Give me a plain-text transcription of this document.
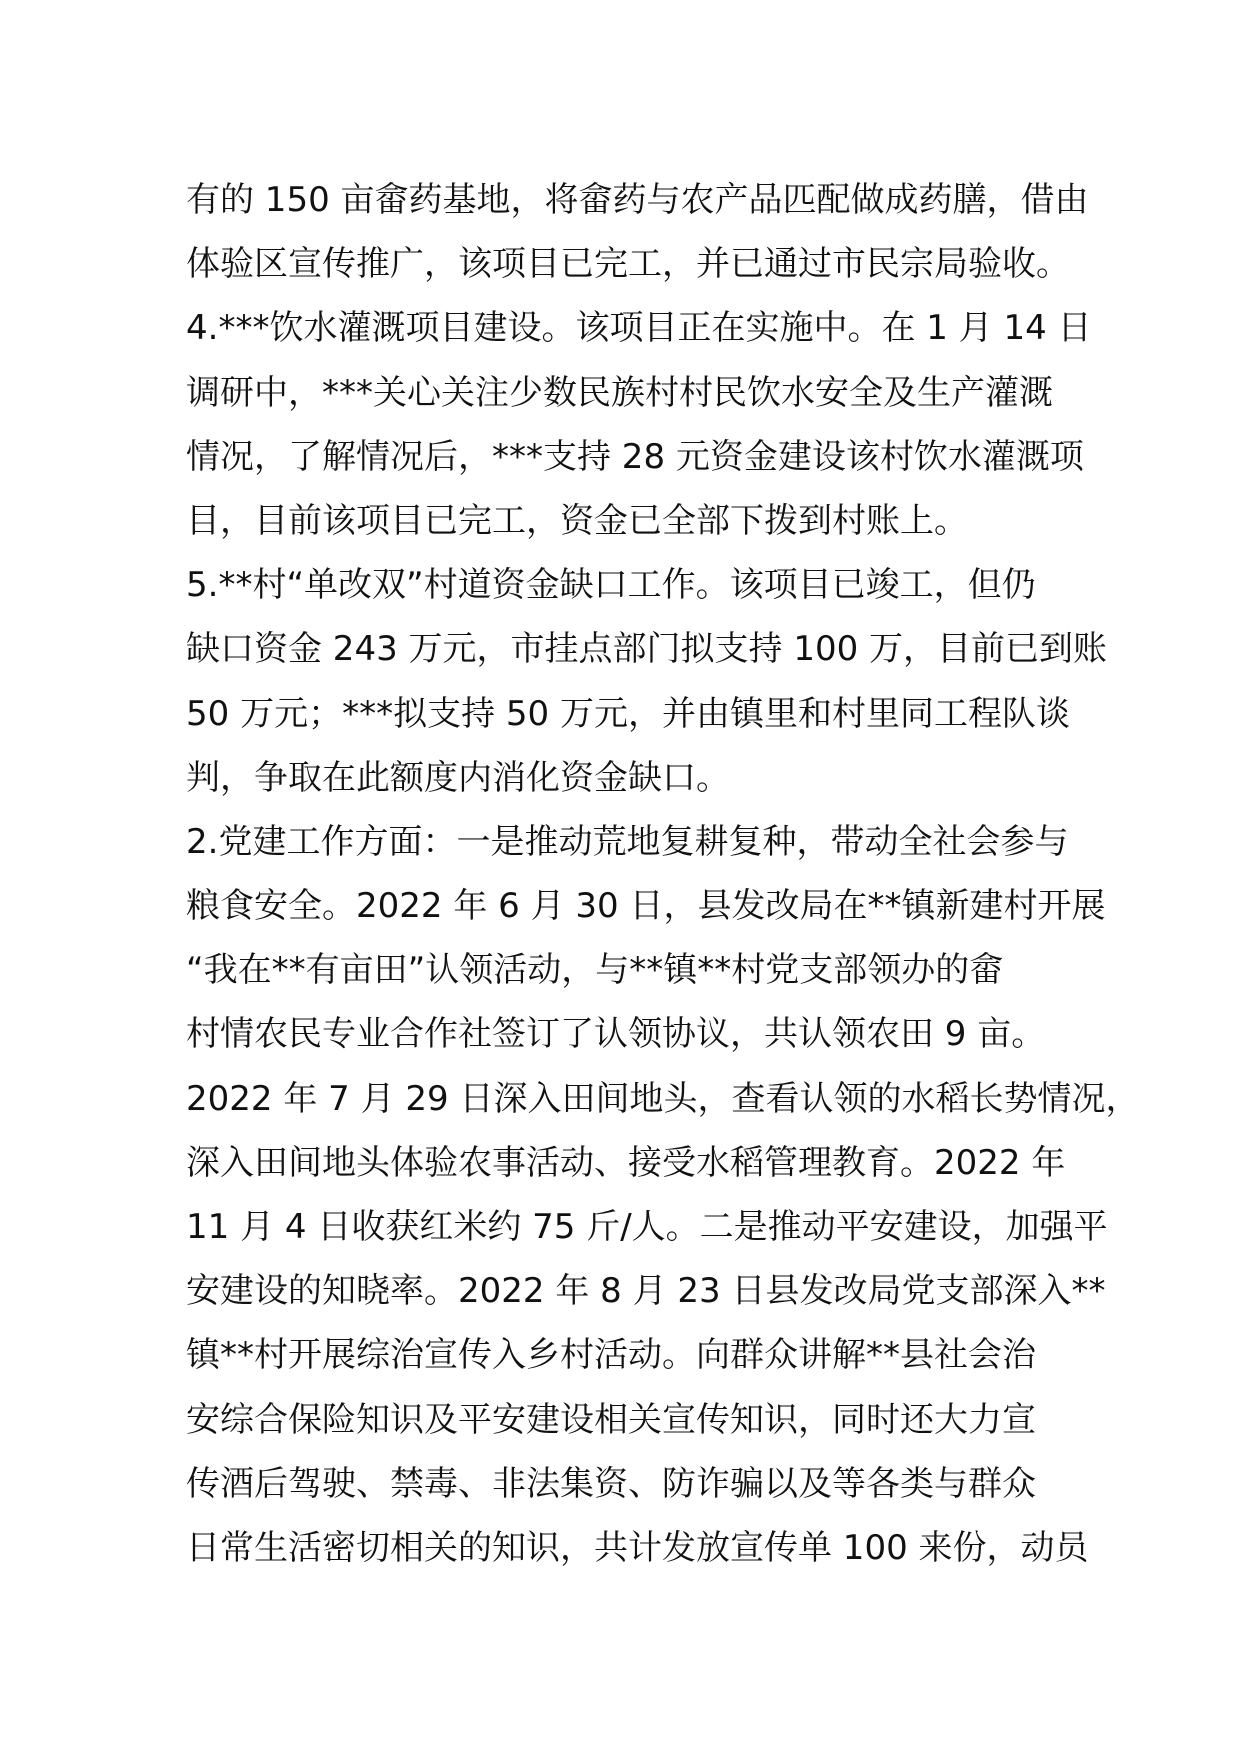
有的 150 亩畲药基地，将畲药与农产品匹配做成药膳，借由
体验区宣传推广，该项目已完工，并已通过市民宗局验收。
4.***饮水灌溉项目建设。该项目正在实施中。在 1 月 14 日
调研中，***关心关注少数民族村村民饮水安全及生产灌溉
情况，了解情况后，***支持 28 元资金建设该村饮水灌溉项
目，目前该项目已完工，资金已全部下拨到村账上。
5.**村“单改双”村道资金缺口工作。该项目已竣工，但仍
缺口资金 243 万元，市挂点部门拟支持 100 万，目前已到账
50 万元；***拟支持 50 万元，并由镇里和村里同工程队谈
判，争取在此额度内消化资金缺口。
2.党建工作方面：一是推动荒地复耕复种，带动全社会参与
粮食安全。2022 年 6 月 30 日，县发改局在**镇新建村开展
“我在**有亩田”认领活动，与**镇**村党支部领办的畲
村情农民专业合作社签订了认领协议，共认领农田 9 亩。
2022 年 7 月 29 日深入田间地头，查看认领的水稻长势情况，
深入田间地头体验农事活动、接受水稻管理教育。2022 年
11 月 4 日收获红米约 75 斤/人。二是推动平安建设，加强平
安建设的知晓率。2022 年 8 月 23 日县发改局党支部深入**
镇**村开展综治宣传入乡村活动。向群众讲解**县社会治
安综合保险知识及平安建设相关宣传知识，同时还大力宣
传酒后驾驶、禁毒、非法集资、防诈骗以及等各类与群众
日常生活密切相关的知识，共计发放宣传单 100 来份，动员
